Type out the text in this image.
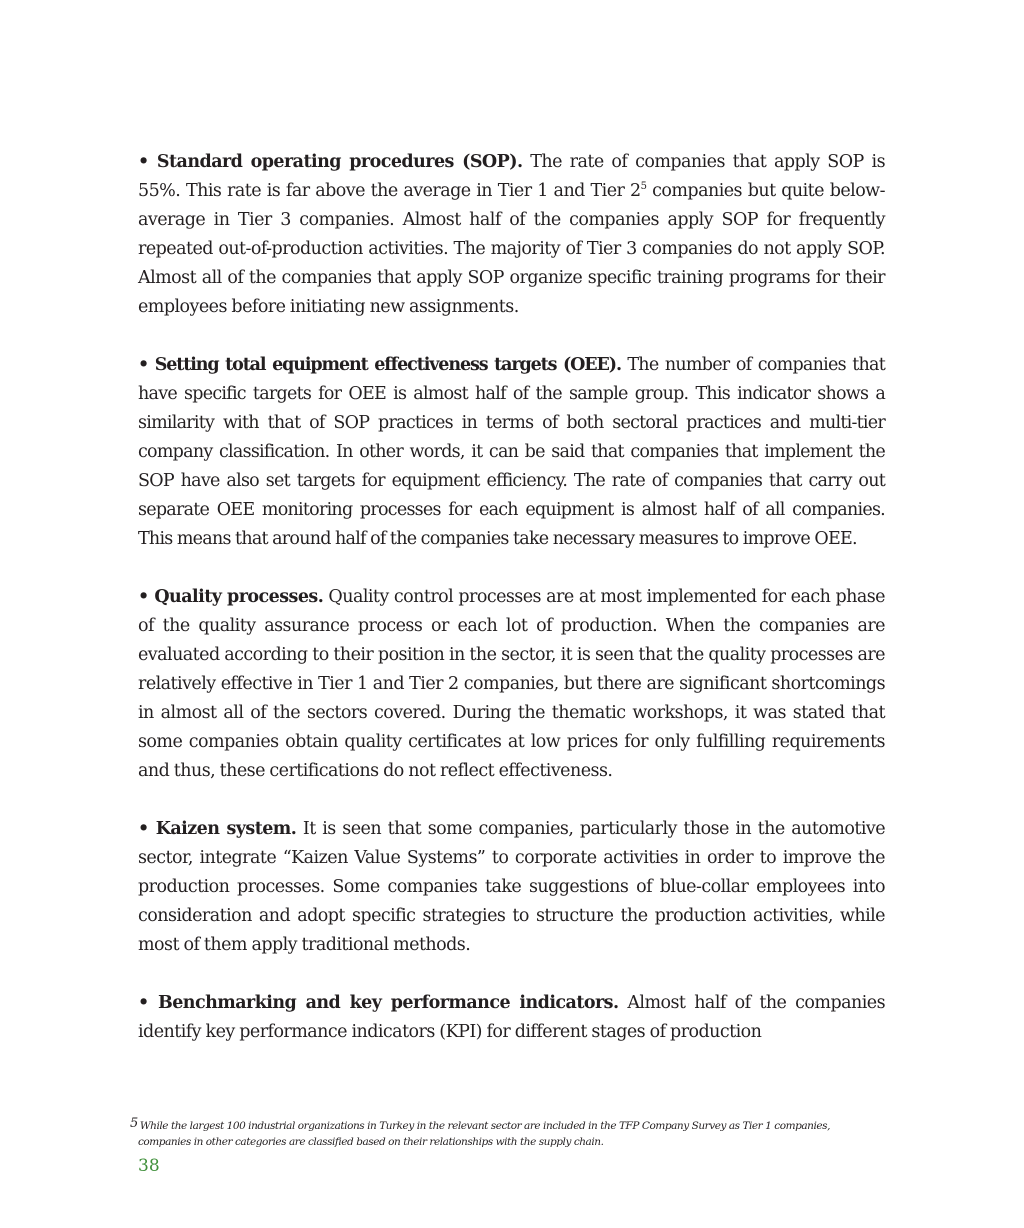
• Standard operating procedures (SOP). The rate of companies that apply SOP is 55%. This rate is far above the average in Tier 1 and Tier $2^5$ companies but quite below-average in Tier 3 companies. Almost half of the companies apply SOP for frequently repeated out-of-production activities. The majority of Tier 3 companies do not apply SOP. Almost all of the companies that apply SOP organize specific training programs for their employees before initiating new assignments.

• Setting total equipment effectiveness targets (OEE). The number of companies that have specific targets for OEE is almost half of the sample group. This indicator shows a similarity with that of SOP practices in terms of both sectoral practices and multi-tier company classification. In other words, it can be said that companies that implement the SOP have also set targets for equipment efficiency. The rate of companies that carry out separate OEE monitoring processes for each equipment is almost half of all companies. This means that around half of the companies take necessary measures to improve OEE.

• Quality processes. Quality control processes are at most implemented for each phase of the quality assurance process or each lot of production. When the companies are evaluated according to their position in the sector, it is seen that the quality processes are relatively effective in Tier 1 and Tier 2 companies, but there are significant shortcomings in almost all of the sectors covered. During the thematic workshops, it was stated that some companies obtain quality certificates at low prices for only fulfilling requirements and thus, these certifications do not reflect effectiveness.

• Kaizen system. It is seen that some companies, particularly those in the automotive sector, integrate “Kaizen Value Systems” to corporate activities in order to improve the production processes. Some companies take suggestions of blue-collar employees into consideration and adopt specific strategies to structure the production activities, while most of them apply traditional methods.

• Benchmarking and key performance indicators. Almost half of the companies identify key performance indicators (KPI) for different stages of production

5 While the largest 100 industrial organizations in Turkey in the relevant sector are included in the TFP Company Survey as Tier 1 companies,
companies in other categories are classified based on their relationships with the supply chain.
38
